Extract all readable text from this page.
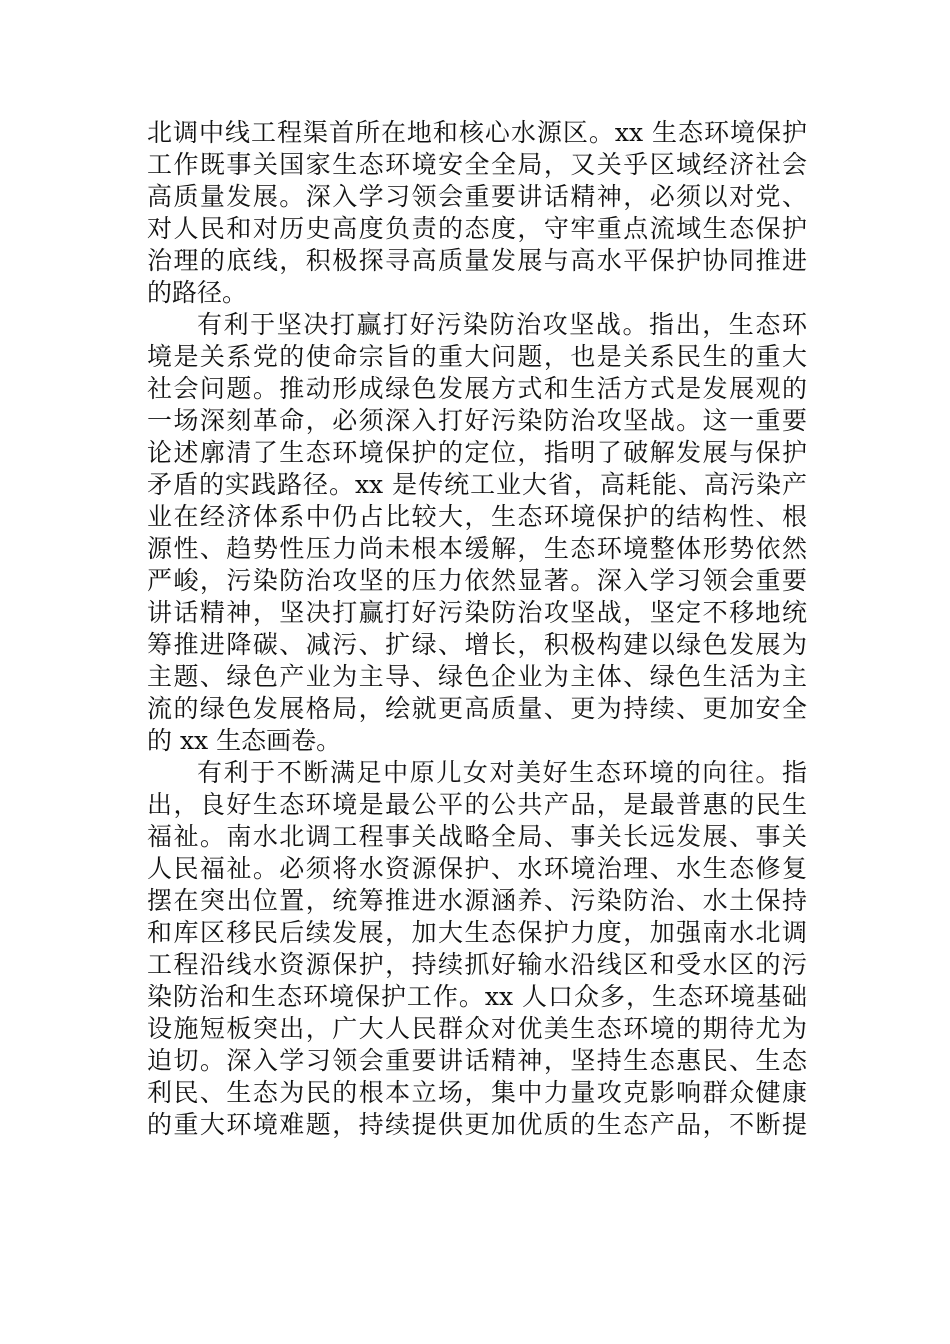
北调中线工程渠首所在地和核心水源区。xx 生态环境保护
工作既事关国家生态环境安全全局，又关乎区域经济社会
高质量发展。深入学习领会重要讲话精神，必须以对党、
对人民和对历史高度负责的态度，守牢重点流域生态保护
治理的底线，积极探寻高质量发展与高水平保护协同推进
的路径。
有利于坚决打赢打好污染防治攻坚战。指出，生态环
境是关系党的使命宗旨的重大问题，也是关系民生的重大
社会问题。推动形成绿色发展方式和生活方式是发展观的
一场深刻革命，必须深入打好污染防治攻坚战。这一重要
论述廓清了生态环境保护的定位，指明了破解发展与保护
矛盾的实践路径。xx 是传统工业大省，高耗能、高污染产
业在经济体系中仍占比较大，生态环境保护的结构性、根
源性、趋势性压力尚未根本缓解，生态环境整体形势依然
严峻，污染防治攻坚的压力依然显著。深入学习领会重要
讲话精神，坚决打赢打好污染防治攻坚战，坚定不移地统
筹推进降碳、减污、扩绿、增长，积极构建以绿色发展为
主题、绿色产业为主导、绿色企业为主体、绿色生活为主
流的绿色发展格局，绘就更高质量、更为持续、更加安全
的 xx 生态画卷。
有利于不断满足中原儿女对美好生态环境的向往。指
出，良好生态环境是最公平的公共产品，是最普惠的民生
福祉。南水北调工程事关战略全局、事关长远发展、事关
人民福祉。必须将水资源保护、水环境治理、水生态修复
摆在突出位置，统筹推进水源涵养、污染防治、水土保持
和库区移民后续发展，加大生态保护力度，加强南水北调
工程沿线水资源保护，持续抓好输水沿线区和受水区的污
染防治和生态环境保护工作。xx 人口众多，生态环境基础
设施短板突出，广大人民群众对优美生态环境的期待尤为
迫切。深入学习领会重要讲话精神，坚持生态惠民、生态
利民、生态为民的根本立场，集中力量攻克影响群众健康
的重大环境难题，持续提供更加优质的生态产品，不断提
